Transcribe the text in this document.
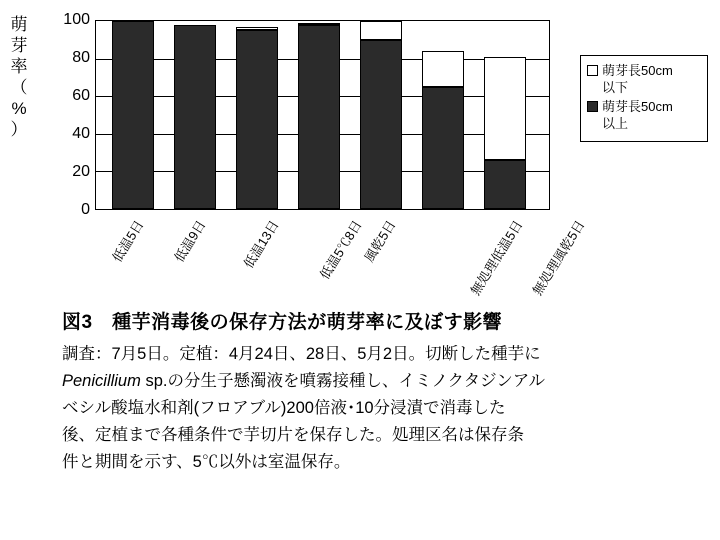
萌
芽
率
（
%
）
100
80
60
40
20
0
低温5日 低温9日 低温13日	低温5℃8日
風乾5日	無処理低温5日 無処理風乾5日
萌芽長50cm
以下
萌芽長50cm
以上
図3　種芋消毒後の保存方法が萌芽率に及ぼす影響
調査：7月5日。定植：4月24日、28日、5月2日。切断した種芋に
Penicillium sp.の分生子懸濁液を噴霧接種し、イミノクタジンアル
ベシル酸塩水和剤(フロアブル)200倍液･10分浸漬で消毒した
後、定植まで各種条件で芋切片を保存した。処理区名は保存条
件と期間を示す、5℃以外は室温保存。
